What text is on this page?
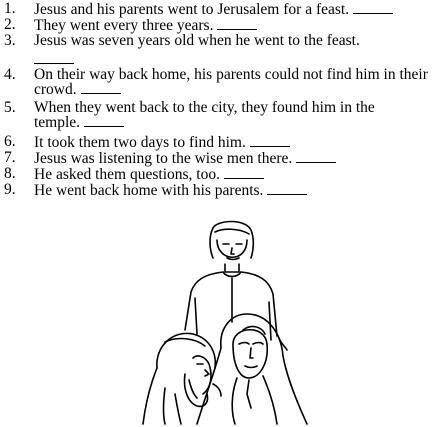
1.	Jesus and his parents went to Jerusalem for a feast.
2.	They went every three years.
3.	Jesus was seven years old when he went to the feast.
4.	On their way back home, his parents could not find him in their crowd.
5.	When they went back to the city, they found him in the temple.
6.	It took them two days to find him.
7.	Jesus was listening to the wise men there.
8.	He asked them questions, too.
9.	He went back home with his parents.
